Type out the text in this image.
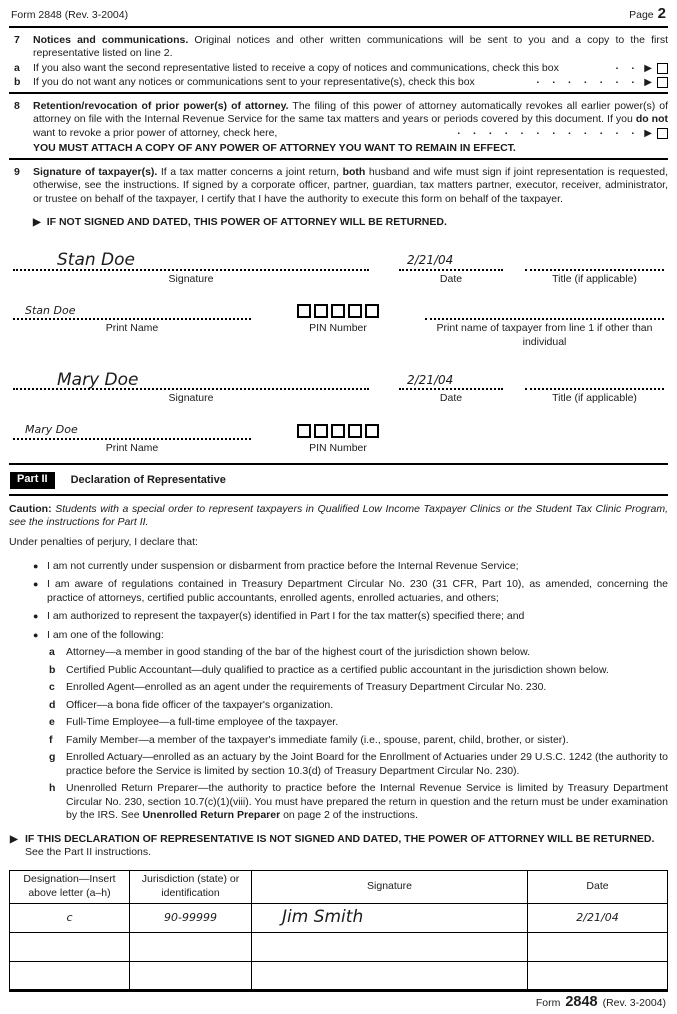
Form 2848 (Rev. 3-2004)	Page 2
7	Notices and communications. Original notices and other written communications will be sent to you and a copy to the first representative listed on line 2.
a	If you also want the second representative listed to receive a copy of notices and communications, check this box	. . ▶
b	If you do not want any notices or communications sent to your representative(s), check this box	. . . . . . . ▶
8	Retention/revocation of prior power(s) of attorney. The filing of this power of attorney automatically revokes all earlier power(s) of attorney on file with the Internal Revenue Service for the same tax matters and years or periods covered by this document. If you do not want to revoke a prior power of attorney, check here,	. . . . . . . . . . . . ▶
YOU MUST ATTACH A COPY OF ANY POWER OF ATTORNEY YOU WANT TO REMAIN IN EFFECT.
9	Signature of taxpayer(s). If a tax matter concerns a joint return, both husband and wife must sign if joint representation is requested, otherwise, see the instructions. If signed by a corporate officer, partner, guardian, tax matters partner, executor, receiver, administrator, or trustee on behalf of the taxpayer, I certify that I have the authority to execute this form on behalf of the taxpayer.
▶ IF NOT SIGNED AND DATED, THIS POWER OF ATTORNEY WILL BE RETURNED.
Stan Doe
Signature
2/21/04
Date	Title (if applicable)
Stan Doe
Print Name	PIN Number	Print name of taxpayer from line 1 if other than individual
Mary Doe
Signature
2/21/04
Date	Title (if applicable)
Mary Doe
Print Name	PIN Number
Part II	Declaration of Representative

Caution: Students with a special order to represent taxpayers in Qualified Low Income Taxpayer Clinics or the Student Tax Clinic Program, see the instructions for Part II.

Under penalties of perjury, I declare that:

● I am not currently under suspension or disbarment from practice before the Internal Revenue Service;
● I am aware of regulations contained in Treasury Department Circular No. 230 (31 CFR, Part 10), as amended, concerning the practice of attorneys, certified public accountants, enrolled agents, enrolled actuaries, and others;
● I am authorized to represent the taxpayer(s) identified in Part I for the tax matter(s) specified there; and
● I am one of the following:
a	Attorney—a member in good standing of the bar of the highest court of the jurisdiction shown below.
b	Certified Public Accountant—duly qualified to practice as a certified public accountant in the jurisdiction shown below.
c	Enrolled Agent—enrolled as an agent under the requirements of Treasury Department Circular No. 230.
d	Officer—a bona fide officer of the taxpayer's organization.
e	Full-Time Employee—a full-time employee of the taxpayer.
f	Family Member—a member of the taxpayer's immediate family (i.e., spouse, parent, child, brother, or sister).
g	Enrolled Actuary—enrolled as an actuary by the Joint Board for the Enrollment of Actuaries under 29 U.S.C. 1242 (the authority to practice before the Service is limited by section 10.3(d) of Treasury Department Circular No. 230).
h	Unenrolled Return Preparer—the authority to practice before the Internal Revenue Service is limited by Treasury Department Circular No. 230, section 10.7(c)(1)(viii). You must have prepared the return in question and the return must be under examination by the IRS. See Unenrolled Return Preparer on page 2 of the instructions.
▶ IF THIS DECLARATION OF REPRESENTATIVE IS NOT SIGNED AND DATED, THE POWER OF ATTORNEY WILL BE RETURNED. See the Part II instructions.
Designation—Insert above letter (a–h)	Jurisdiction (state) or identification	Signature	Date
c	90-99999	Jim Smith	2/21/04

Form 2848 (Rev. 3-2004)
